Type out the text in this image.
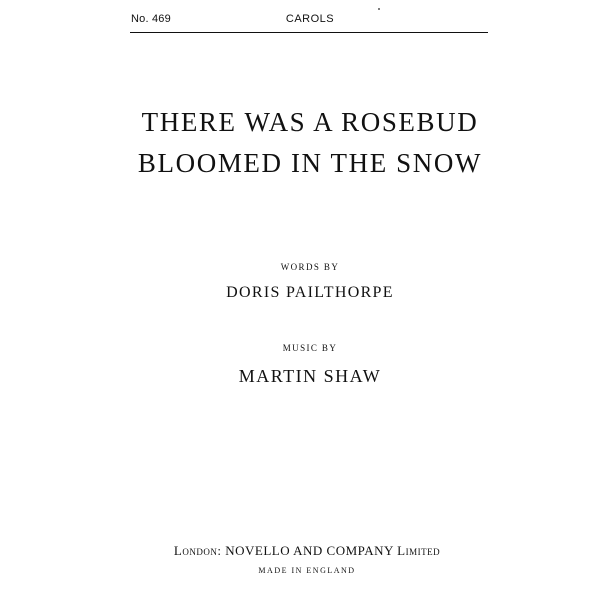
No. 469	CAROLS
THERE WAS A ROSEBUD
BLOOMED IN THE SNOW
WORDS BY
DORIS PAILTHORPE
MUSIC BY
MARTIN SHAW
London: NOVELLO AND COMPANY Limited
MADE IN ENGLAND
